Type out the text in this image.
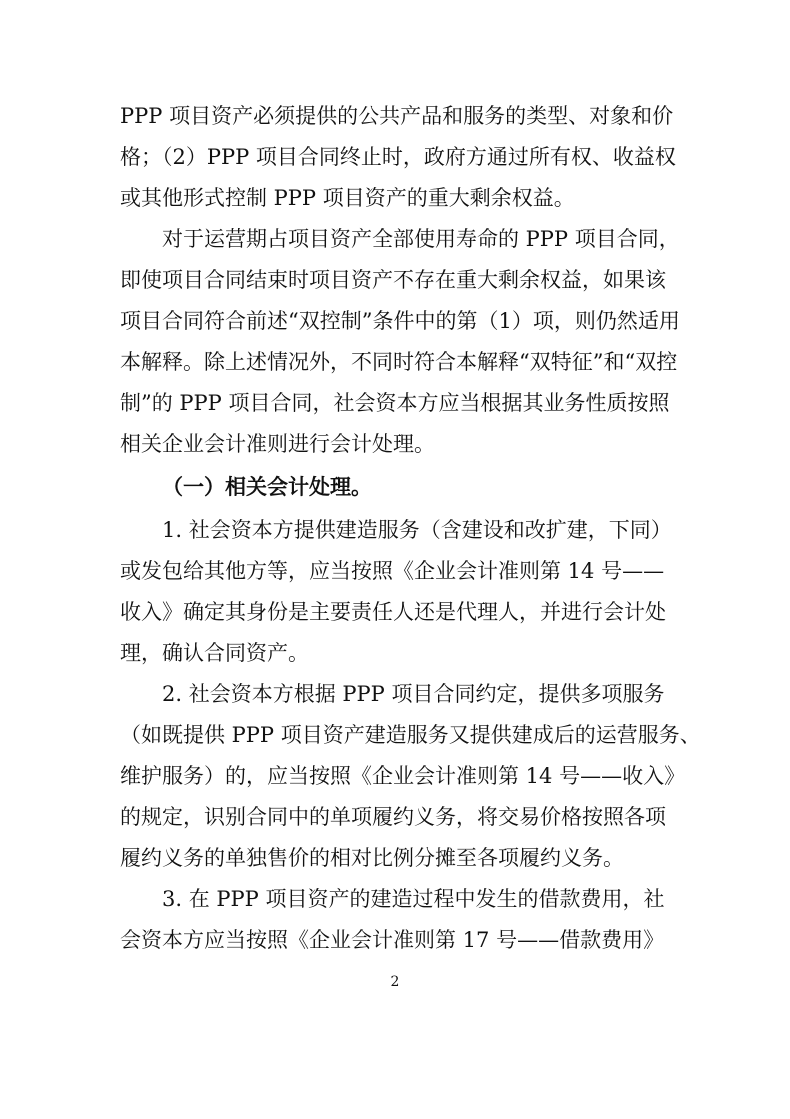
PPP 项目资产必须提供的公共产品和服务的类型、对象和价
格；（2）PPP 项目合同终止时，政府方通过所有权、收益权
或其他形式控制 PPP 项目资产的重大剩余权益。
对于运营期占项目资产全部使用寿命的 PPP 项目合同，
即使项目合同结束时项目资产不存在重大剩余权益，如果该
项目合同符合前述“双控制”条件中的第（1）项，则仍然适用
本解释。除上述情况外，不同时符合本解释“双特征”和“双控
制”的 PPP 项目合同，社会资本方应当根据其业务性质按照
相关企业会计准则进行会计处理。
（一）相关会计处理。
1. 社会资本方提供建造服务（含建设和改扩建，下同）
或发包给其他方等，应当按照《企业会计准则第 14 号——
收入》确定其身份是主要责任人还是代理人，并进行会计处
理，确认合同资产。
2. 社会资本方根据 PPP 项目合同约定，提供多项服务
（如既提供 PPP 项目资产建造服务又提供建成后的运营服务、
维护服务）的，应当按照《企业会计准则第 14 号——收入》
的规定，识别合同中的单项履约义务，将交易价格按照各项
履约义务的单独售价的相对比例分摊至各项履约义务。
3. 在 PPP 项目资产的建造过程中发生的借款费用，社
会资本方应当按照《企业会计准则第 17 号——借款费用》
2
